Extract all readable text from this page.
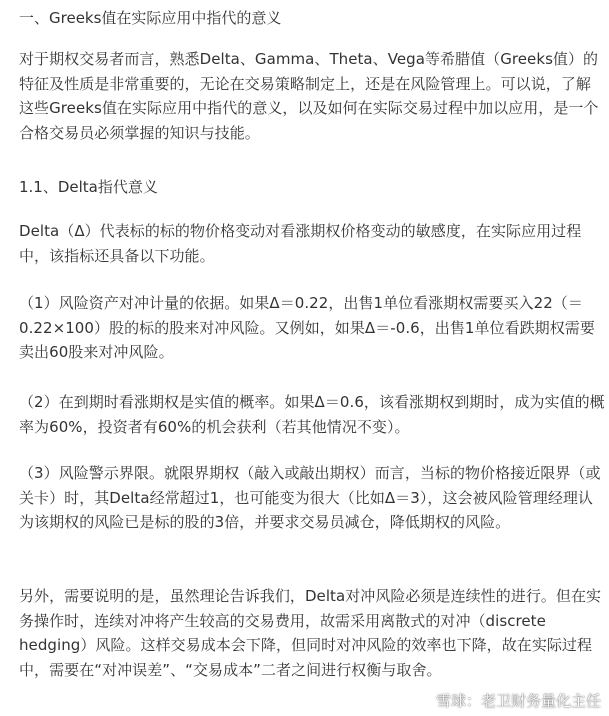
一、Greeks值在实际应用中指代的意义

对于期权交易者而言，熟悉Delta、Gamma、Theta、Vega等希腊值（Greeks值）的特征及性质是非常重要的，无论在交易策略制定上，还是在风险管理上。可以说，了解这些Greeks值在实际应用中指代的意义，以及如何在实际交易过程中加以应用，是一个合格交易员必须掌握的知识与技能。

1.1、Delta指代意义

Delta（Δ）代表标的标的物价格变动对看涨期权价格变动的敏感度，在实际应用过程中，该指标还具备以下功能。

（1）风险资产对冲计量的依据。如果Δ＝0.22，出售1单位看涨期权需要买入22（＝0.22×100）股的标的股来对冲风险。又例如，如果Δ＝-0.6，出售1单位看跌期权需要卖出60股来对冲风险。

（2）在到期时看涨期权是实值的概率。如果Δ＝0.6，该看涨期权到期时，成为实值的概率为60%，投资者有60%的机会获利（若其他情况不变）。

（3）风险警示界限。就限界期权（敲入或敲出期权）而言，当标的物价格接近限界（或关卡）时，其Delta经常超过1，也可能变为很大（比如Δ＝3），这会被风险管理经理认为该期权的风险已是标的股的3倍，并要求交易员减仓，降低期权的风险。

另外，需要说明的是，虽然理论告诉我们，Delta对冲风险必须是连续性的进行。但在实务操作时，连续对冲将产生较高的交易费用，故需采用离散式的对冲（discrete hedging）风险。这样交易成本会下降，但同时对冲风险的效率也下降，故在实际过程中，需要在“对冲误差”、“交易成本”二者之间进行权衡与取舍。

雪球：老卫财务量化主任
